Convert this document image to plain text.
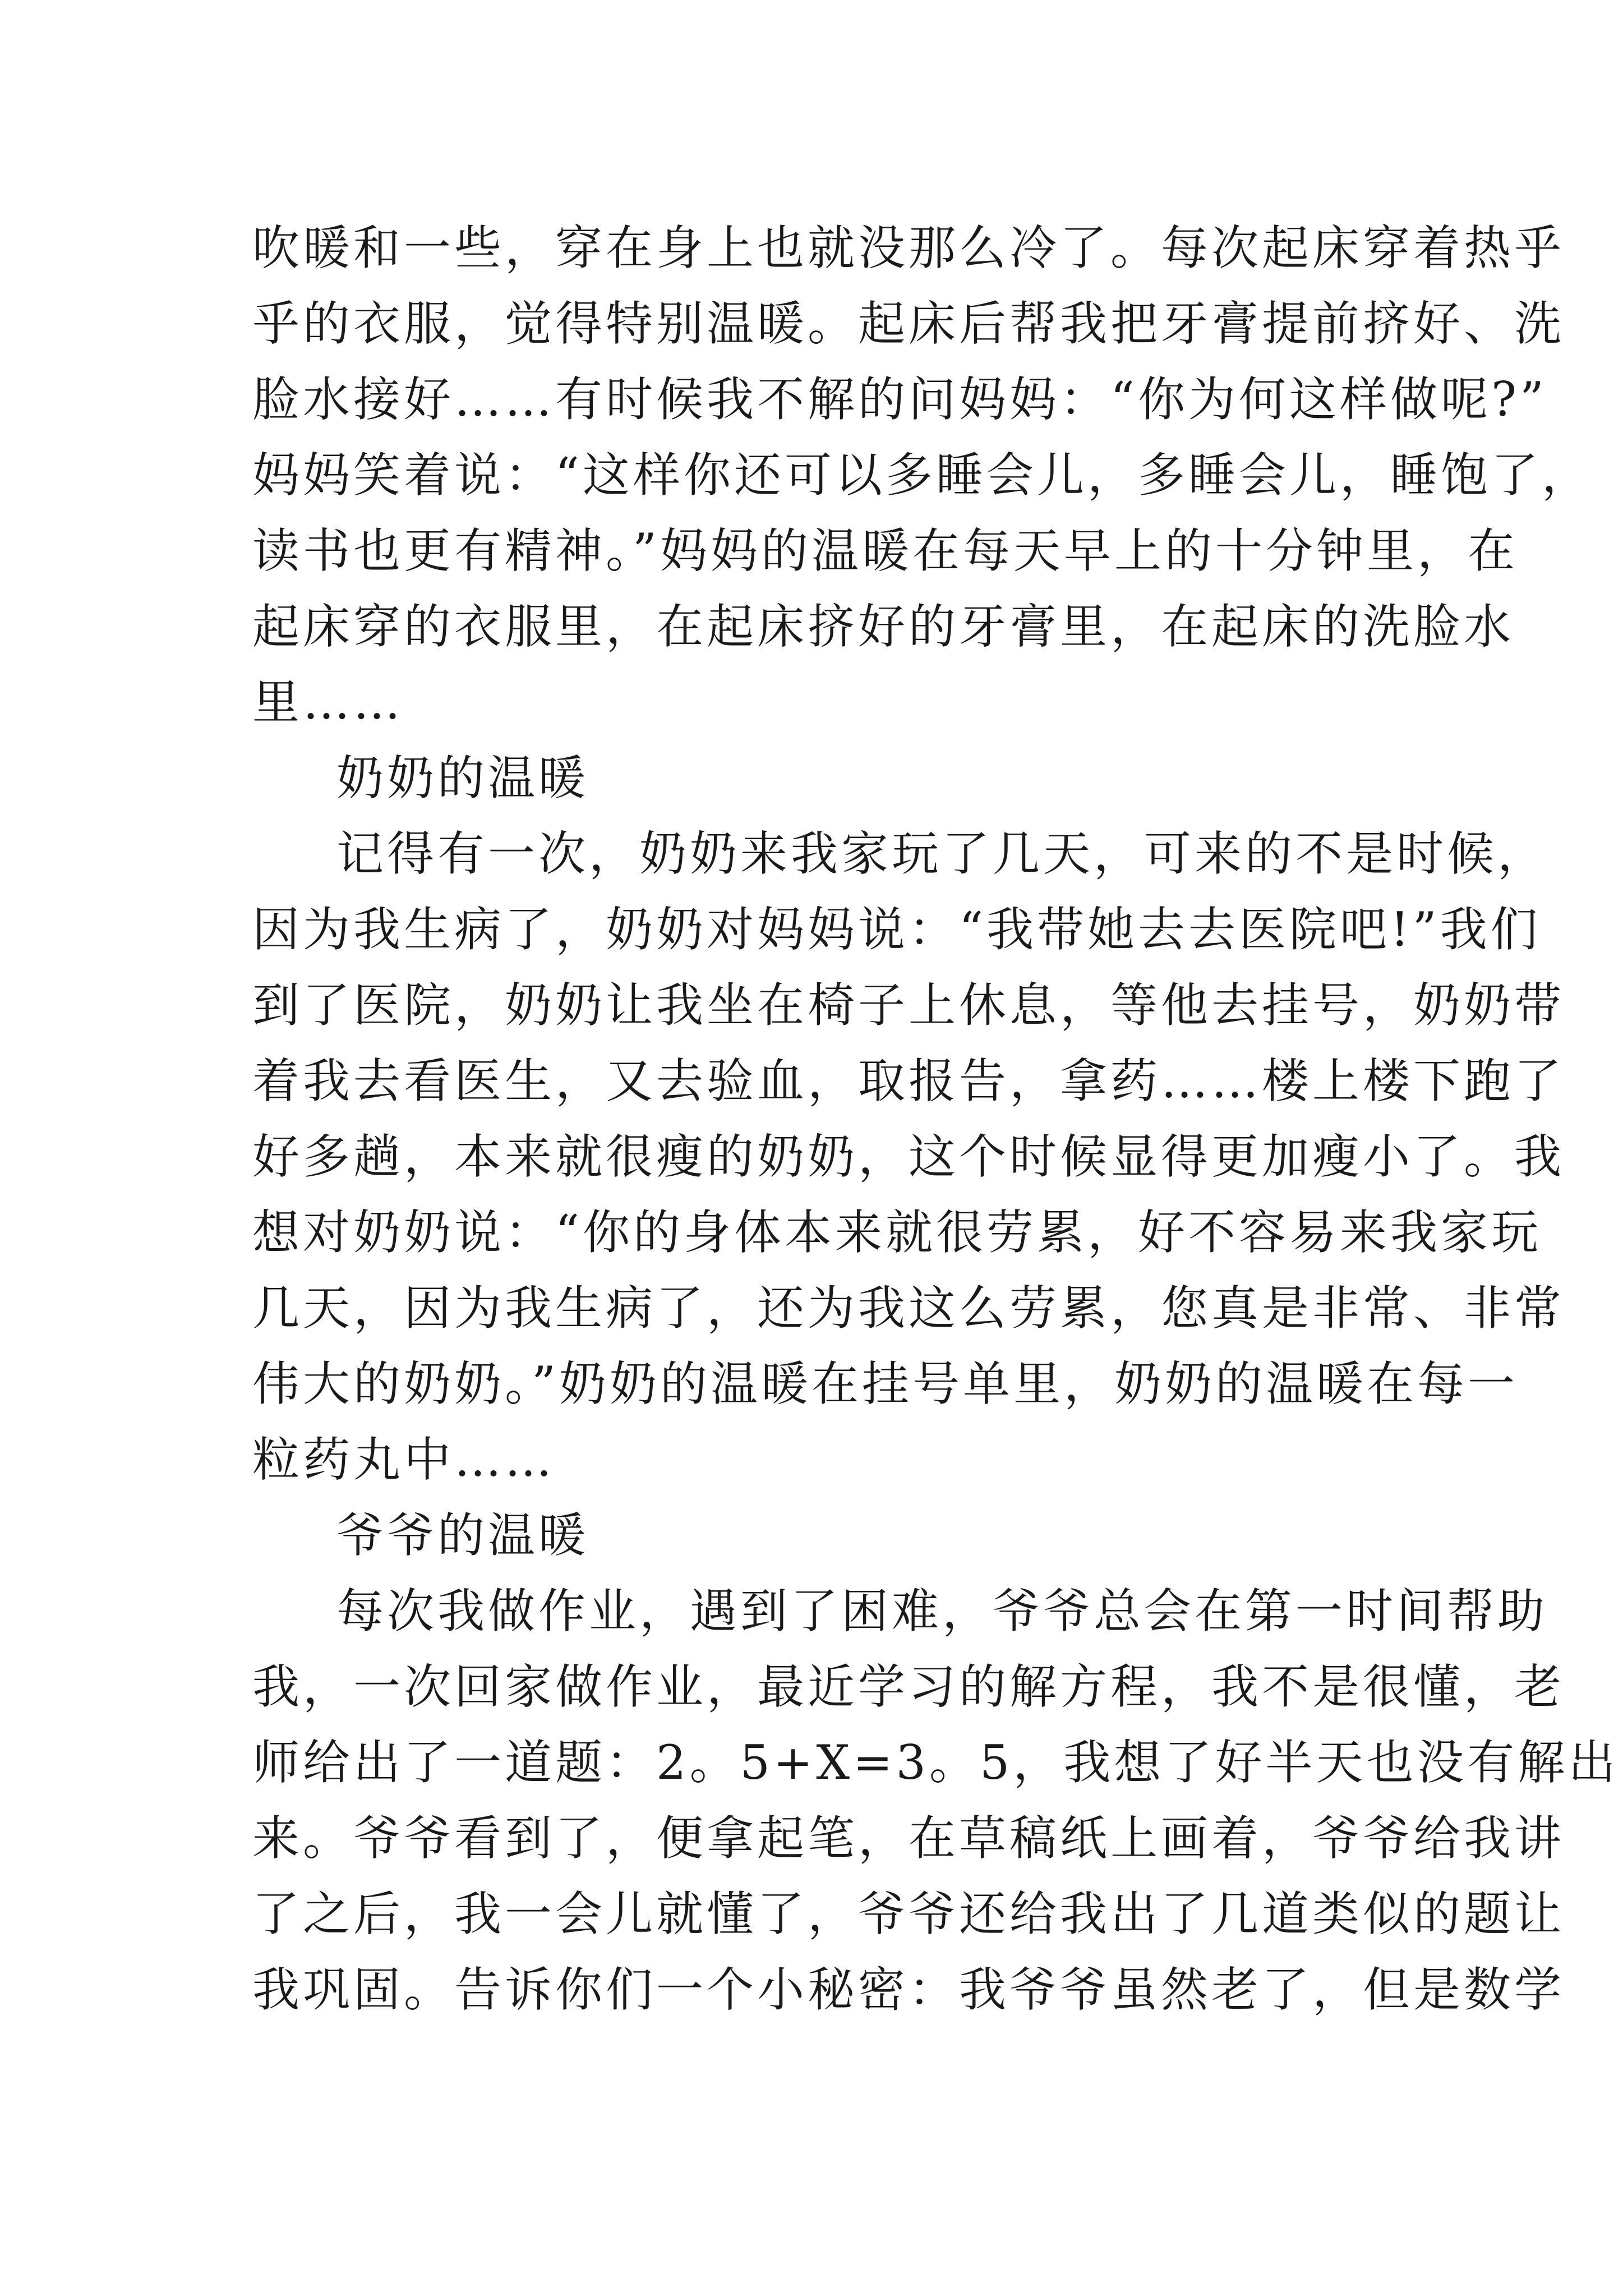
吹暖和一些，穿在身上也就没那么冷了。每次起床穿着热乎
乎的衣服，觉得特别温暖。起床后帮我把牙膏提前挤好、洗
脸水接好……有时候我不解的问妈妈：“你为何这样做呢?”
妈妈笑着说：“这样你还可以多睡会儿，多睡会儿，睡饱了，
读书也更有精神。”妈妈的温暖在每天早上的十分钟里，在
起床穿的衣服里，在起床挤好的牙膏里，在起床的洗脸水
里……
奶奶的温暖
记得有一次，奶奶来我家玩了几天，可来的不是时候，
因为我生病了，奶奶对妈妈说：“我带她去去医院吧!”我们
到了医院，奶奶让我坐在椅子上休息，等他去挂号，奶奶带
着我去看医生，又去验血，取报告，拿药……楼上楼下跑了
好多趟，本来就很瘦的奶奶，这个时候显得更加瘦小了。我
想对奶奶说：“你的身体本来就很劳累，好不容易来我家玩
几天，因为我生病了，还为我这么劳累，您真是非常、非常
伟大的奶奶。”奶奶的温暖在挂号单里，奶奶的温暖在每一
粒药丸中……
爷爷的温暖
每次我做作业，遇到了困难，爷爷总会在第一时间帮助
我，一次回家做作业，最近学习的解方程，我不是很懂，老
师给出了一道题：2。5+X=3。5，我想了好半天也没有解出
来。爷爷看到了，便拿起笔，在草稿纸上画着，爷爷给我讲
了之后，我一会儿就懂了，爷爷还给我出了几道类似的题让
我巩固。告诉你们一个小秘密：我爷爷虽然老了，但是数学
